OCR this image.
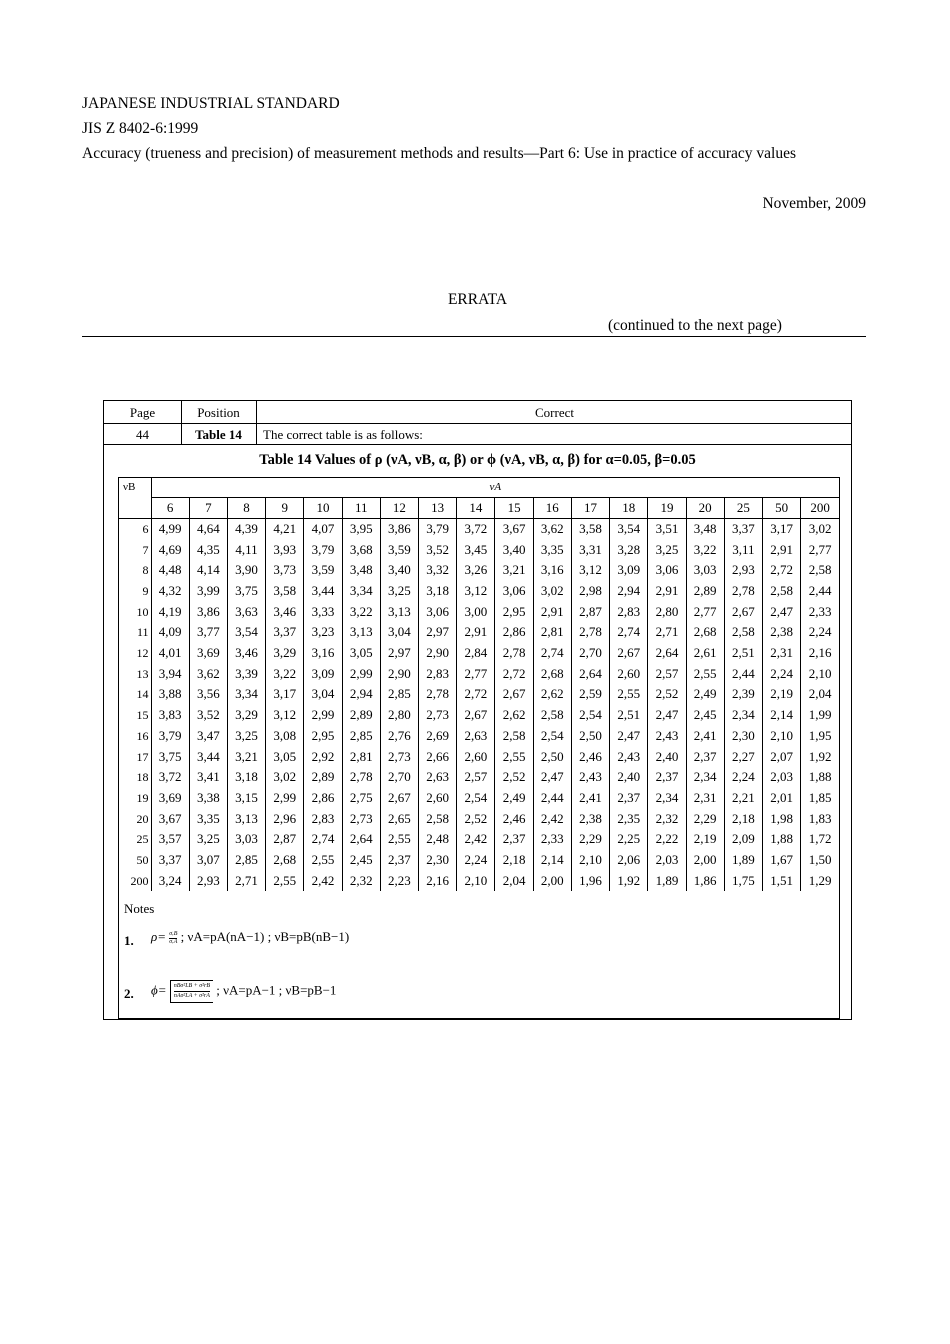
JAPANESE INDUSTRIAL STANDARD
JIS Z 8402-6:1999
Accuracy (trueness and precision) of measurement methods and results—Part 6: Use in practice of accuracy values
November, 2009
ERRATA
(continued to the next page)
Page	Position	Correct
44	Table 14	The correct table is as follows:
Table 14 Values of ρ (νA, νB, α, β) or ϕ (νA, νB, α, β) for α=0.05, β=0.05
νB	νA																	
	6	7	8	9	10	11	12	13	14	15	16	17	18	19	20	25	50	200
6	4,99	4,64	4,39	4,21	4,07	3,95	3,86	3,79	3,72	3,67	3,62	3,58	3,54	3,51	3,48	3,37	3,17	3,02
7	4,69	4,35	4,11	3,93	3,79	3,68	3,59	3,52	3,45	3,40	3,35	3,31	3,28	3,25	3,22	3,11	2,91	2,77
8	4,48	4,14	3,90	3,73	3,59	3,48	3,40	3,32	3,26	3,21	3,16	3,12	3,09	3,06	3,03	2,93	2,72	2,58
9	4,32	3,99	3,75	3,58	3,44	3,34	3,25	3,18	3,12	3,06	3,02	2,98	2,94	2,91	2,89	2,78	2,58	2,44
10	4,19	3,86	3,63	3,46	3,33	3,22	3,13	3,06	3,00	2,95	2,91	2,87	2,83	2,80	2,77	2,67	2,47	2,33
11	4,09	3,77	3,54	3,37	3,23	3,13	3,04	2,97	2,91	2,86	2,81	2,78	2,74	2,71	2,68	2,58	2,38	2,24
12	4,01	3,69	3,46	3,29	3,16	3,05	2,97	2,90	2,84	2,78	2,74	2,70	2,67	2,64	2,61	2,51	2,31	2,16
13	3,94	3,62	3,39	3,22	3,09	2,99	2,90	2,83	2,77	2,72	2,68	2,64	2,60	2,57	2,55	2,44	2,24	2,10
14	3,88	3,56	3,34	3,17	3,04	2,94	2,85	2,78	2,72	2,67	2,62	2,59	2,55	2,52	2,49	2,39	2,19	2,04
15	3,83	3,52	3,29	3,12	2,99	2,89	2,80	2,73	2,67	2,62	2,58	2,54	2,51	2,47	2,45	2,34	2,14	1,99
16	3,79	3,47	3,25	3,08	2,95	2,85	2,76	2,69	2,63	2,58	2,54	2,50	2,47	2,43	2,41	2,30	2,10	1,95
17	3,75	3,44	3,21	3,05	2,92	2,81	2,73	2,66	2,60	2,55	2,50	2,46	2,43	2,40	2,37	2,27	2,07	1,92
18	3,72	3,41	3,18	3,02	2,89	2,78	2,70	2,63	2,57	2,52	2,47	2,43	2,40	2,37	2,34	2,24	2,03	1,88
19	3,69	3,38	3,15	2,99	2,86	2,75	2,67	2,60	2,54	2,49	2,44	2,41	2,37	2,34	2,31	2,21	2,01	1,85
20	3,67	3,35	3,13	2,96	2,83	2,73	2,65	2,58	2,52	2,46	2,42	2,38	2,35	2,32	2,29	2,18	1,98	1,83
25	3,57	3,25	3,03	2,87	2,74	2,64	2,55	2,48	2,42	2,37	2,33	2,29	2,25	2,22	2,19	2,09	1,88	1,72
50	3,37	3,07	2,85	2,68	2,55	2,45	2,37	2,30	2,24	2,18	2,14	2,10	2,06	2,03	2,00	1,89	1,67	1,50
200	3,24	2,93	2,71	2,55	2,42	2,32	2,23	2,16	2,10	2,04	2,00	1,96	1,92	1,89	1,86	1,75	1,51	1,29
Notes
1. $\rho= \frac{\text{σᵣB}}{\text{σᵣA}}$ ; νA=pA(nA−1) ; νB=pB(nB−1)
2. ϕ= nBσ²LB + σ²rB
nAσ²LA + σ²rA ; νA=pA−1 ; νB=pB−1
